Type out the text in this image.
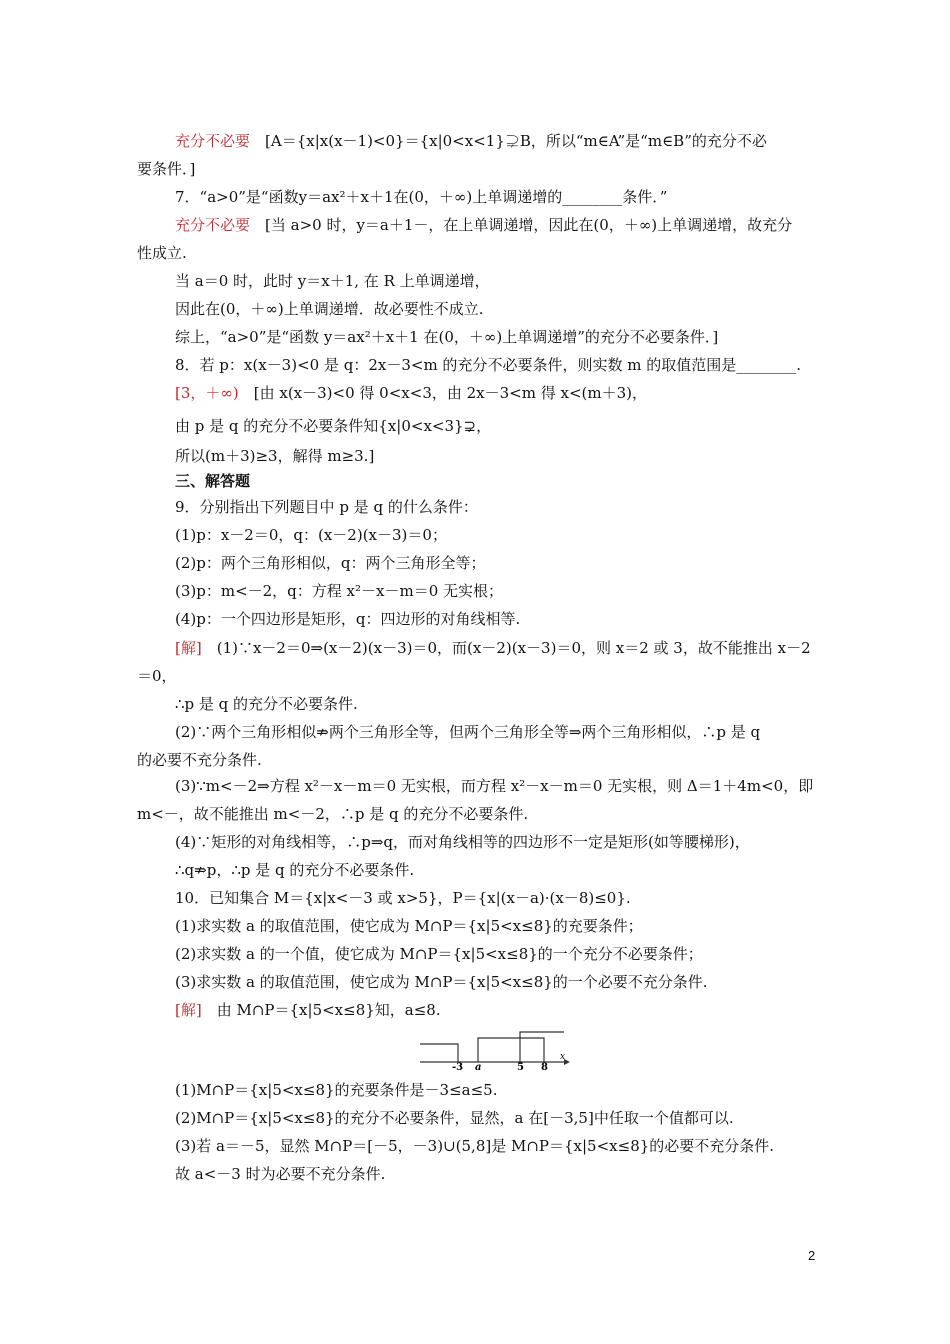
充分不必要　[A＝{x|x(x－1)<0}＝{x|0<x<1}⊋B，所以“m∈A”是“m∈B”的充分不必
要条件．]
7．“a>0”是“函数y＝ax²＋x＋1在(0，＋∞)上单调递增的________条件．”
充分不必要　[当 a>0 时，y＝a＋1－，在上单调递增，因此在(0，＋∞)上单调递增，故充分
性成立.
当 a＝0 时，此时 y＝x＋1, 在 R 上单调递增，
因此在(0，＋∞)上单调递增．故必要性不成立.
综上，“a>0”是“函数 y＝ax²＋x＋1 在(0，＋∞)上单调递增”的充分不必要条件．]
8．若 p：x(x－3)<0 是 q：2x－3<m 的充分不必要条件，则实数 m 的取值范围是________.
[3，＋∞)　[由 x(x－3)<0 得 0<x<3，由 2x－3<m 得 x<(m＋3)，
由 p 是 q 的充分不必要条件知{x|0<x<3}⊋，
所以(m＋3)≥3，解得 m≥3.]
三、解答题
9．分别指出下列题目中 p 是 q 的什么条件：
(1)p：x－2＝0，q：(x－2)(x－3)＝0；
(2)p：两个三角形相似，q：两个三角形全等；
(3)p：m<－2，q：方程 x²－x－m＝0 无实根；
(4)p：一个四边形是矩形，q：四边形的对角线相等.
[解]　(1)∵x－2＝0⇒(x－2)(x－3)＝0，而(x－2)(x－3)＝0，则 x＝2 或 3，故不能推出 x－2
＝0，
∴p 是 q 的充分不必要条件.
(2)∵两个三角形相似⇏两个三角形全等，但两个三角形全等⇒两个三角形相似，∴p 是 q
的必要不充分条件.
(3)∵m<－2⇒方程 x²－x－m＝0 无实根，而方程 x²－x－m＝0 无实根，则 Δ＝1＋4m<0，即
m<－，故不能推出 m<－2，∴p 是 q 的充分不必要条件.
(4)∵矩形的对角线相等，∴p⇒q，而对角线相等的四边形不一定是矩形(如等腰梯形)，
∴q⇏p，∴p 是 q 的充分不必要条件.
10．已知集合 M＝{x|x<－3 或 x>5}，P＝{x|(x－a)·(x－8)≤0}.
(1)求实数 a 的取值范围，使它成为 M∩P＝{x|5<x≤8}的充要条件；
(2)求实数 a 的一个值，使它成为 M∩P＝{x|5<x≤8}的一个充分不必要条件；
(3)求实数 a 的取值范围，使它成为 M∩P＝{x|5<x≤8}的一个必要不充分条件.
[解]　由 M∩P＝{x|5<x≤8}知，a≤8.
-3 a	5 8
x
(1)M∩P＝{x|5<x≤8}的充要条件是－3≤a≤5.
(2)M∩P＝{x|5<x≤8}的充分不必要条件，显然，a 在[－3,5]中任取一个值都可以.
(3)若 a＝－5，显然 M∩P＝[－5，－3)∪(5,8]是 M∩P＝{x|5<x≤8}的必要不充分条件.
故 a<－3 时为必要不充分条件.
2
